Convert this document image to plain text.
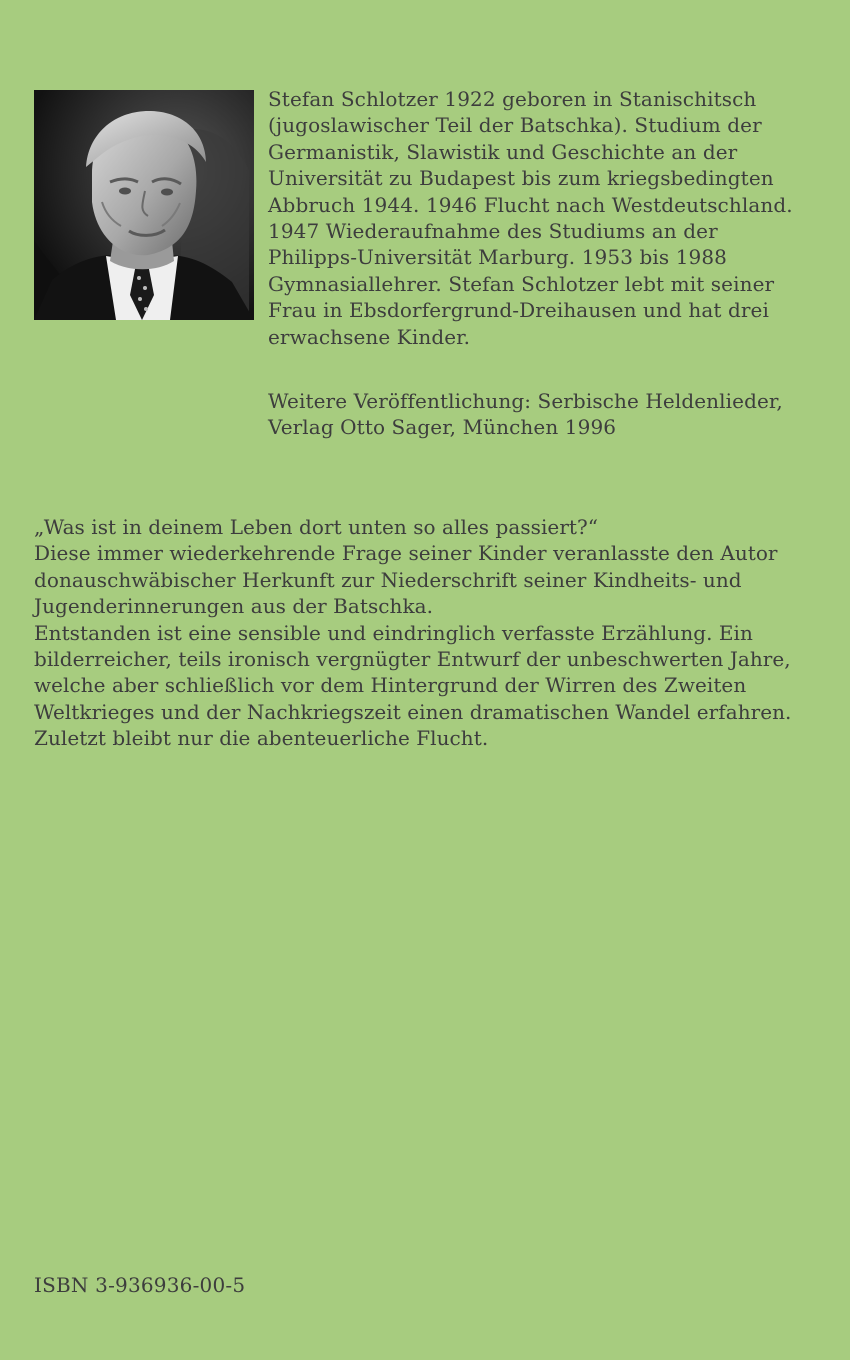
Stefan Schlotzer 1922 geboren in Stanischitsch
(jugoslawischer Teil der Batschka). Studium der
Germanistik, Slawistik und Geschichte an der
Universität zu Budapest bis zum kriegsbedingten
Abbruch 1944. 1946 Flucht nach Westdeutschland.
1947 Wiederaufnahme des Studiums an der
Philipps-Universität Marburg. 1953 bis 1988
Gymnasiallehrer. Stefan Schlotzer lebt mit seiner
Frau in Ebsdorfergrund-Dreihausen und hat drei
erwachsene Kinder.
Weitere Veröffentlichung: Serbische Heldenlieder,
Verlag Otto Sager, München 1996
„Was ist in deinem Leben dort unten so alles passiert?“
Diese immer wiederkehrende Frage seiner Kinder veranlasste den Autor
donauschwäbischer Herkunft zur Niederschrift seiner Kindheits- und
Jugenderinnerungen aus der Batschka.
Entstanden ist eine sensible und eindringlich verfasste Erzählung. Ein
bilderreicher, teils ironisch vergnügter Entwurf der unbeschwerten Jahre,
welche aber schließlich vor dem Hintergrund der Wirren des Zweiten
Weltkrieges und der Nachkriegszeit einen dramatischen Wandel erfahren.
Zuletzt bleibt nur die abenteuerliche Flucht.
ISBN 3-936936-00-5
